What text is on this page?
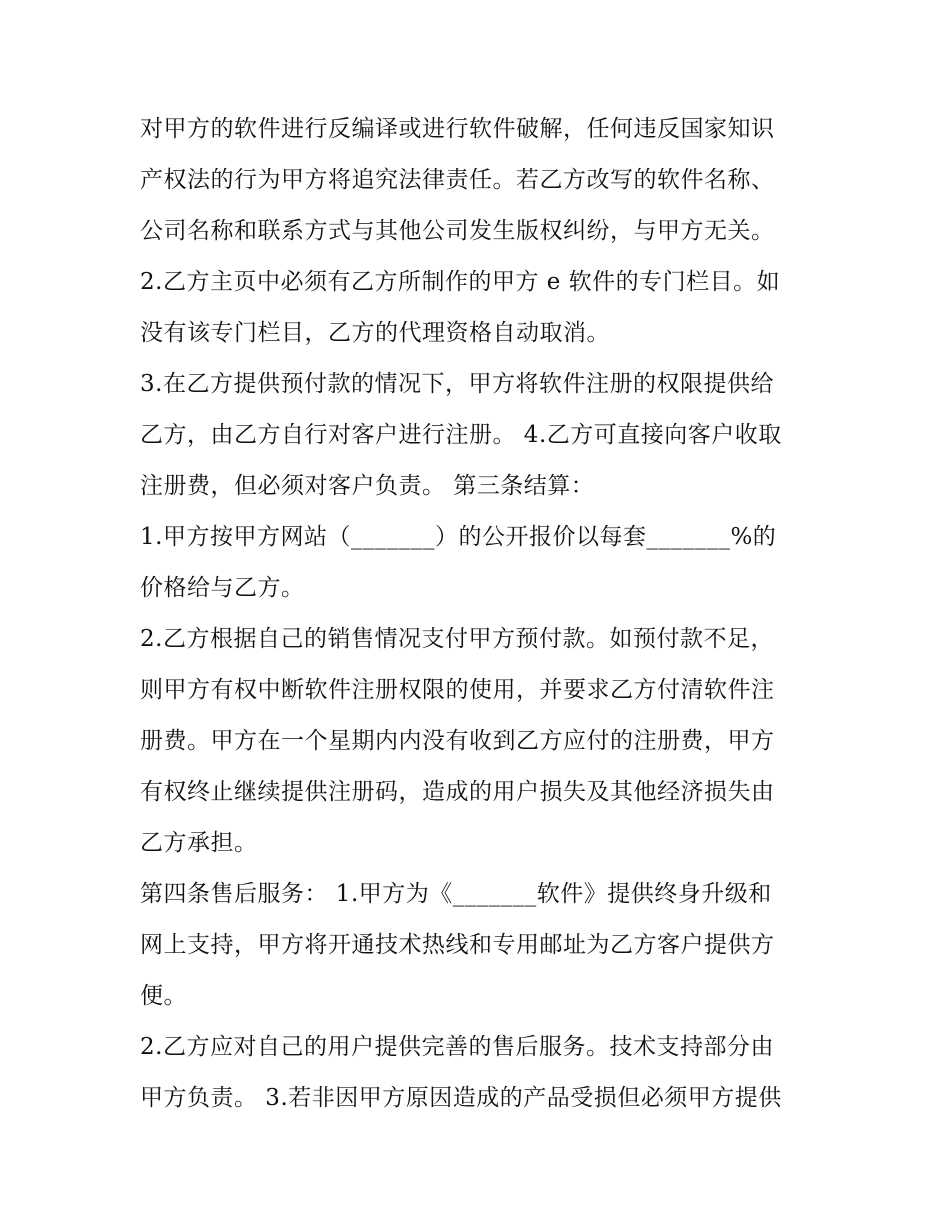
对甲方的软件进行反编译或进行软件破解，任何违反国家知识
产权法的行为甲方将追究法律责任。若乙方改写的软件名称、
公司名称和联系方式与其他公司发生版权纠纷，与甲方无关。
2.乙方主页中必须有乙方所制作的甲方 e 软件的专门栏目。如
没有该专门栏目，乙方的代理资格自动取消。
3.在乙方提供预付款的情况下，甲方将软件注册的权限提供给
乙方，由乙方自行对客户进行注册。 4.乙方可直接向客户收取
注册费，但必须对客户负责。 第三条结算：
1.甲方按甲方网站（_______）的公开报价以每套_______%的
价格给与乙方。
2.乙方根据自己的销售情况支付甲方预付款。如预付款不足，
则甲方有权中断软件注册权限的使用，并要求乙方付清软件注
册费。甲方在一个星期内内没有收到乙方应付的注册费，甲方
有权终止继续提供注册码，造成的用户损失及其他经济损失由
乙方承担。
第四条售后服务： 1.甲方为《_______软件》提供终身升级和
网上支持，甲方将开通技术热线和专用邮址为乙方客户提供方
便。
2.乙方应对自己的用户提供完善的售后服务。技术支持部分由
甲方负责。 3.若非因甲方原因造成的产品受损但必须甲方提供
